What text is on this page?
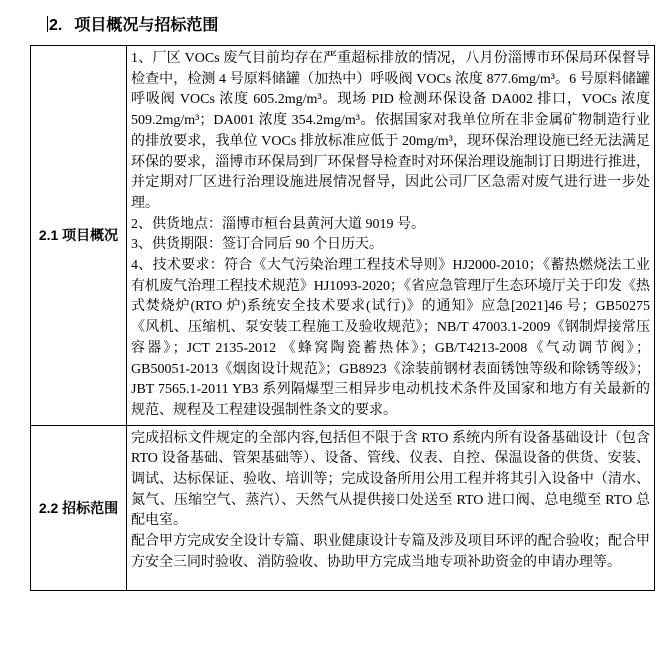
2. 项目概况与招标范围
2.1 项目概况	1、厂区 VOCs 废气目前均存在严重超标排放的情况，八月份淄博市环保局环保督导检查中，检测 4 号原料储罐（加热中）呼吸阀 VOCs 浓度 877.6mg/m³。6 号原料储罐呼吸阀 VOCs 浓度 605.2mg/m³。现场 PID 检测环保设备 DA002 排口，VOCs 浓度 509.2mg/m³；DA001 浓度 354.2mg/m³。依据国家对我单位所在非金属矿物制造行业的排放要求，我单位 VOCs 排放标准应低于 20mg/m³，现环保治理设施已经无法满足环保的要求，淄博市环保局到厂环保督导检查时对环保治理设施制订日期进行推进，并定期对厂区进行治理设施进展情况督导，因此公司厂区急需对废气进行进一步处理。

2、供货地点：淄博市桓台县黄河大道 9019 号。

3、供货期限：签订合同后 90 个日历天。

4、技术要求：符合《大气污染治理工程技术导则》HJ2000-2010；《蓄热燃烧法工业有机废气治理工程技术规范》HJ1093-2020；《省应急管理厅生态环境厅关于印发《热式焚烧炉(RTO 炉)系统安全技术要求(试行)》的通知》应急[2021]46 号；GB50275《风机、压缩机、泵安装工程施工及验收规范》；NB/T 47003.1-2009《钢制焊接常压容器》；JCT 2135-2012 《蜂窝陶瓷蓄热体》；GB/T4213-2008《气动调节阀》；GB50051-2013《烟囱设计规范》；GB8923《涂装前钢材表面锈蚀等级和除锈等级》；JBT 7565.1-2011 YB3 系列隔爆型三相异步电动机技术条件及国家和地方有关最新的规范、规程及工程建设强制性条文的要求。

2.2 招标范围	完成招标文件规定的全部内容,包括但不限于含 RTO 系统内所有设备基础设计（包含 RTO 设备基础、管架基础等）、设备、管线、仪表、自控、保温设备的供货、安装、调试、达标保证、验收、培训等；完成设备所用公用工程并将其引入设备中（清水、氮气、压缩空气、蒸汽）、天然气从提供接口处送至 RTO 进口阀、总电缆至 RTO 总配电室。

配合甲方完成安全设计专篇、职业健康设计专篇及涉及项目环评的配合验收；配合甲方安全三同时验收、消防验收、协助甲方完成当地专项补助资金的申请办理等。
